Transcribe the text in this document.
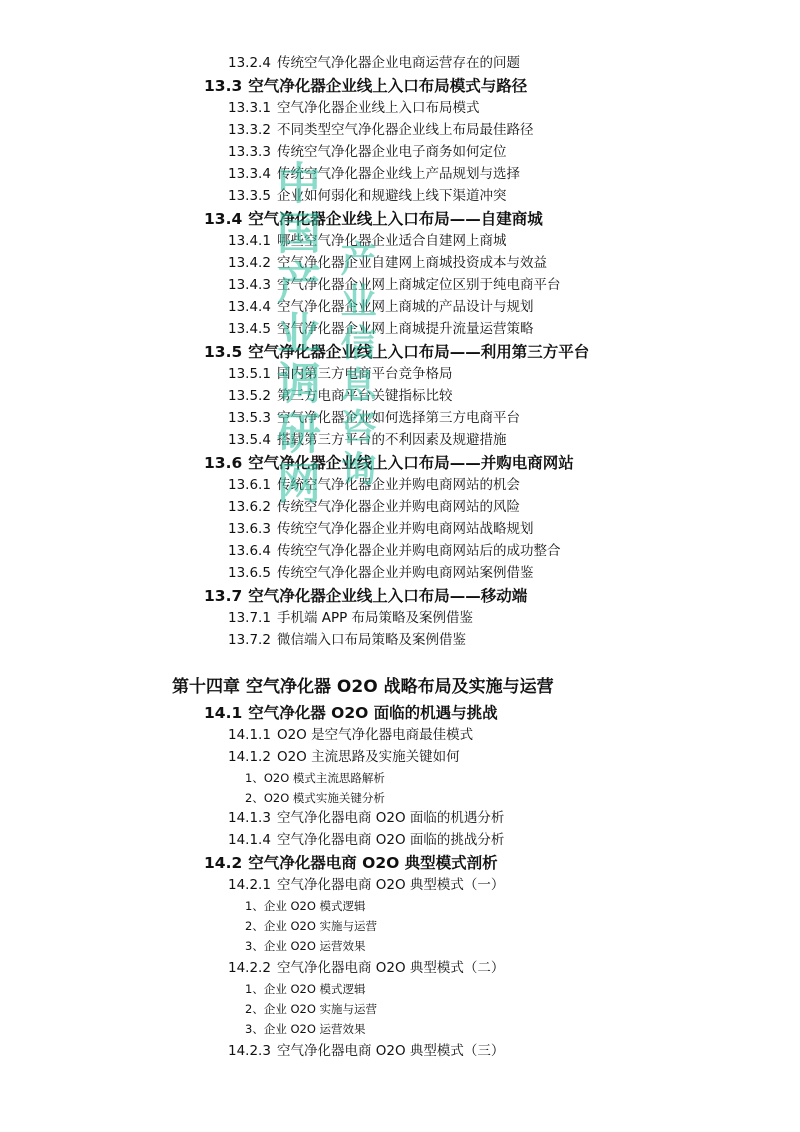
13.2.4 传统空气净化器企业电商运营存在的问题
13.3 空气净化器企业线上入口布局模式与路径
13.3.1 空气净化器企业线上入口布局模式
13.3.2 不同类型空气净化器企业线上布局最佳路径
13.3.3 传统空气净化器企业电子商务如何定位
13.3.4 传统空气净化器企业线上产品规划与选择
13.3.5 企业如何弱化和规避线上线下渠道冲突
13.4 空气净化器企业线上入口布局——自建商城
13.4.1 哪些空气净化器企业适合自建网上商城
13.4.2 空气净化器企业自建网上商城投资成本与效益
13.4.3 空气净化器企业网上商城定位区别于纯电商平台
13.4.4 空气净化器企业网上商城的产品设计与规划
13.4.5 空气净化器企业网上商城提升流量运营策略
13.5 空气净化器企业线上入口布局——利用第三方平台
13.5.1 国内第三方电商平台竞争格局
13.5.2 第三方电商平台关键指标比较
13.5.3 空气净化器企业如何选择第三方电商平台
13.5.4 搭载第三方平台的不利因素及规避措施
13.6 空气净化器企业线上入口布局——并购电商网站
13.6.1 传统空气净化器企业并购电商网站的机会
13.6.2 传统空气净化器企业并购电商网站的风险
13.6.3 传统空气净化器企业并购电商网站战略规划
13.6.4 传统空气净化器企业并购电商网站后的成功整合
13.6.5 传统空气净化器企业并购电商网站案例借鉴
13.7 空气净化器企业线上入口布局——移动端
13.7.1 手机端 APP 布局策略及案例借鉴
13.7.2 微信端入口布局策略及案例借鉴
第十四章 空气净化器 O2O 战略布局及实施与运营
14.1 空气净化器 O2O 面临的机遇与挑战
14.1.1 O2O 是空气净化器电商最佳模式
14.1.2 O2O 主流思路及实施关键如何
1、O2O 模式主流思路解析
2、O2O 模式实施关键分析
14.1.3 空气净化器电商 O2O 面临的机遇分析
14.1.4 空气净化器电商 O2O 面临的挑战分析
14.2 空气净化器电商 O2O 典型模式剖析
14.2.1 空气净化器电商 O2O 典型模式（一）
1、企业 O2O 模式逻辑
2、企业 O2O 实施与运营
3、企业 O2O 运营效果
14.2.2 空气净化器电商 O2O 典型模式（二）
1、企业 O2O 模式逻辑
2、企业 O2O 实施与运营
3、企业 O2O 运营效果
14.2.3 空气净化器电商 O2O 典型模式（三）
中国产业调研网 产业信息咨询
